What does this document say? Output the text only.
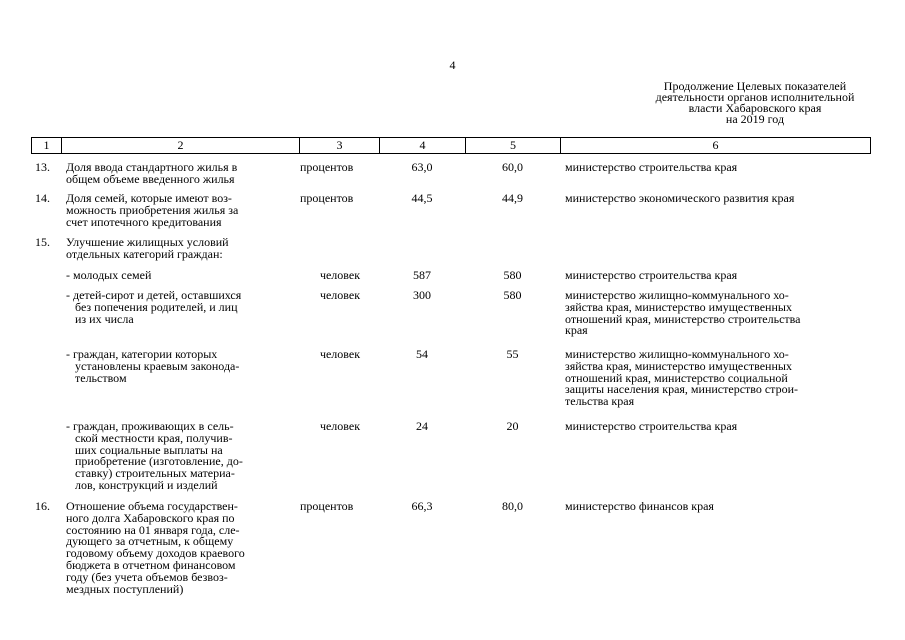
4
Продолжение Целевых показателей
деятельности органов исполнительной
власти Хабаровского края
на 2019 год
1	2	3	4	5	6
13.	Доля ввода стандартного жилья в
общем объеме введенного жилья
процентов	63,0	60,0	министерство строительства края
14.	Доля семей, которые имеют воз-
можность приобретения жилья за
счет ипотечного кредитования
процентов	44,5	44,9	министерство экономического развития края
15.	Улучшение жилищных условий
отдельных категорий граждан:
- молодых семей	человек	587	580	министерство строительства края
- детей-сирот и детей, оставшихся
без попечения родителей, и лиц
из их числа
человек	300	580	министерство жилищно-коммунального хо-
зяйства края, министерство имущественных
отношений края, министерство строительства
края
- граждан, категории которых
установлены краевым законода-
тельством
человек	54	55	министерство жилищно-коммунального хо-
зяйства края, министерство имущественных
отношений края, министерство социальной
защиты населения края, министерство строи-
тельства края
- граждан, проживающих в сель-
ской местности края, получив-
ших социальные выплаты на
приобретение (изготовление, до-
ставку) строительных материа-
лов, конструкций и изделий
человек	24	20	министерство строительства края
16.	Отношение объема государствен-
ного долга Хабаровского края по
состоянию на 01 января года, сле-
дующего за отчетным, к общему
годовому объему доходов краевого
бюджета в отчетном финансовом
году (без учета объемов безвоз-
мездных поступлений)
процентов	66,3	80,0	министерство финансов края
